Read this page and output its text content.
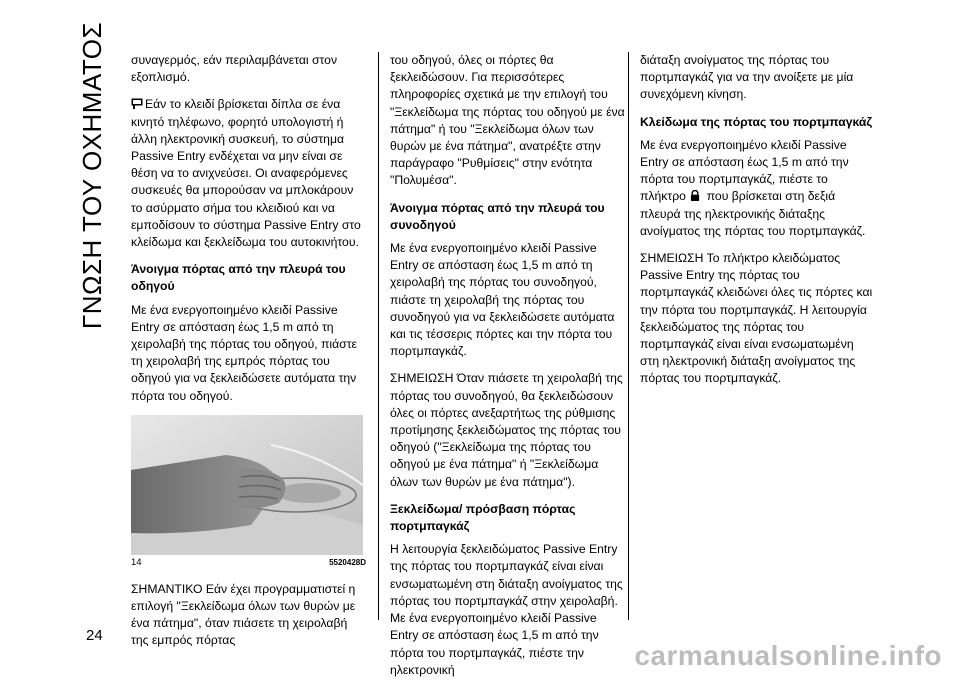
ΓΝΩΣΗ ΤΟΥ ΟΧΗΜΑΤΟΣ συναγερμός, εάν περιλαμβάνεται στον εξοπλισμό.

Εάν το κλειδί βρίσκεται δίπλα σε ένα κινητό τηλέφωνο, φορητό υπολογιστή ή άλλη ηλεκτρονική συσκευή, το σύστημα Passive Entry ενδέχεται να μην είναι σε θέση να το ανιχνεύσει. Οι αναφερόμενες συσκευές θα μπορούσαν να μπλοκάρουν το ασύρματο σήμα του κλειδιού και να εμποδίσουν το σύστημα Passive Entry στο κλείδωμα και ξεκλείδωμα του αυτοκινήτου.

Άνοιγμα πόρτας από την πλευρά του οδηγού

Με ένα ενεργοποιημένο κλειδί Passive Entry σε απόσταση έως 1,5 m από τη χειρολαβή της πόρτας του οδηγού, πιάστε τη χειρολαβή της εμπρός πόρτας του οδηγού για να ξεκλειδώσετε αυτόματα την πόρτα του οδηγού.

14	5520428D

ΣΗΜΑΝΤΙΚΟ Εάν έχει προγραμματιστεί η επιλογή "Ξεκλείδωμα όλων των θυρών με ένα πάτημα", όταν πιάσετε τη χειρολαβή της εμπρός πόρτας

του οδηγού, όλες οι πόρτες θα ξεκλειδώσουν. Για περισσότερες πληροφορίες σχετικά με την επιλογή του "Ξεκλείδωμα της πόρτας του οδηγού με ένα πάτημα" ή του "Ξεκλείδωμα όλων των θυρών με ένα πάτημα", ανατρέξτε στην παράγραφο "Ρυθμίσεις" στην ενότητα "Πολυμέσα".

Άνοιγμα πόρτας από την πλευρά του συνοδηγού

Με ένα ενεργοποιημένο κλειδί Passive Entry σε απόσταση έως 1,5 m από τη χειρολαβή της πόρτας του συνοδηγού, πιάστε τη χειρολαβή της πόρτας του συνοδηγού για να ξεκλειδώσετε αυτόματα και τις τέσσερις πόρτες και την πόρτα του πορτμπαγκάζ.

ΣΗΜΕΙΩΣΗ Όταν πιάσετε τη χειρολαβή της πόρτας του συνοδηγού, θα ξεκλειδώσουν όλες οι πόρτες ανεξαρτήτως της ρύθμισης προτίμησης ξεκλειδώματος της πόρτας του οδηγού ("Ξεκλείδωμα της πόρτας του οδηγού με ένα πάτημα" ή "Ξεκλείδωμα όλων των θυρών με ένα πάτημα").

Ξεκλείδωμα/ πρόσβαση πόρτας πορτμπαγκάζ

Η λειτουργία ξεκλειδώματος Passive Entry της πόρτας του πορτμπαγκάζ είναι είναι ενσωματωμένη στη διάταξη ανοίγματος της πόρτας του πορτμπαγκάζ στην χειρολαβή. Με ένα ενεργοποιημένο κλειδί Passive Entry σε απόσταση έως 1,5 m από την πόρτα του πορτμπαγκάζ, πιέστε την ηλεκτρονική

διάταξη ανοίγματος της πόρτας του πορτμπαγκάζ για να την ανοίξετε με μία συνεχόμενη κίνηση.

Κλείδωμα της πόρτας του πορτμπαγκάζ

Με ένα ενεργοποιημένο κλειδί Passive Entry σε απόσταση έως 1,5 m από την πόρτα του πορτμπαγκάζ, πιέστε το πλήκτρο που βρίσκεται στη δεξιά πλευρά της ηλεκτρονικής διάταξης ανοίγματος της πόρτας του πορτμπαγκάζ.

ΣΗΜΕΙΩΣΗ Το πλήκτρο κλειδώματος Passive Entry της πόρτας του πορτμπαγκάζ κλειδώνει όλες τις πόρτες και την πόρτα του πορτμπαγκάζ. Η λειτουργία ξεκλειδώματος της πόρτας του πορτμπαγκάζ είναι είναι ενσωματωμένη στη ηλεκτρονική διάταξη ανοίγματος της πόρτας του πορτμπαγκάζ.

24
carmanualsonline.info
